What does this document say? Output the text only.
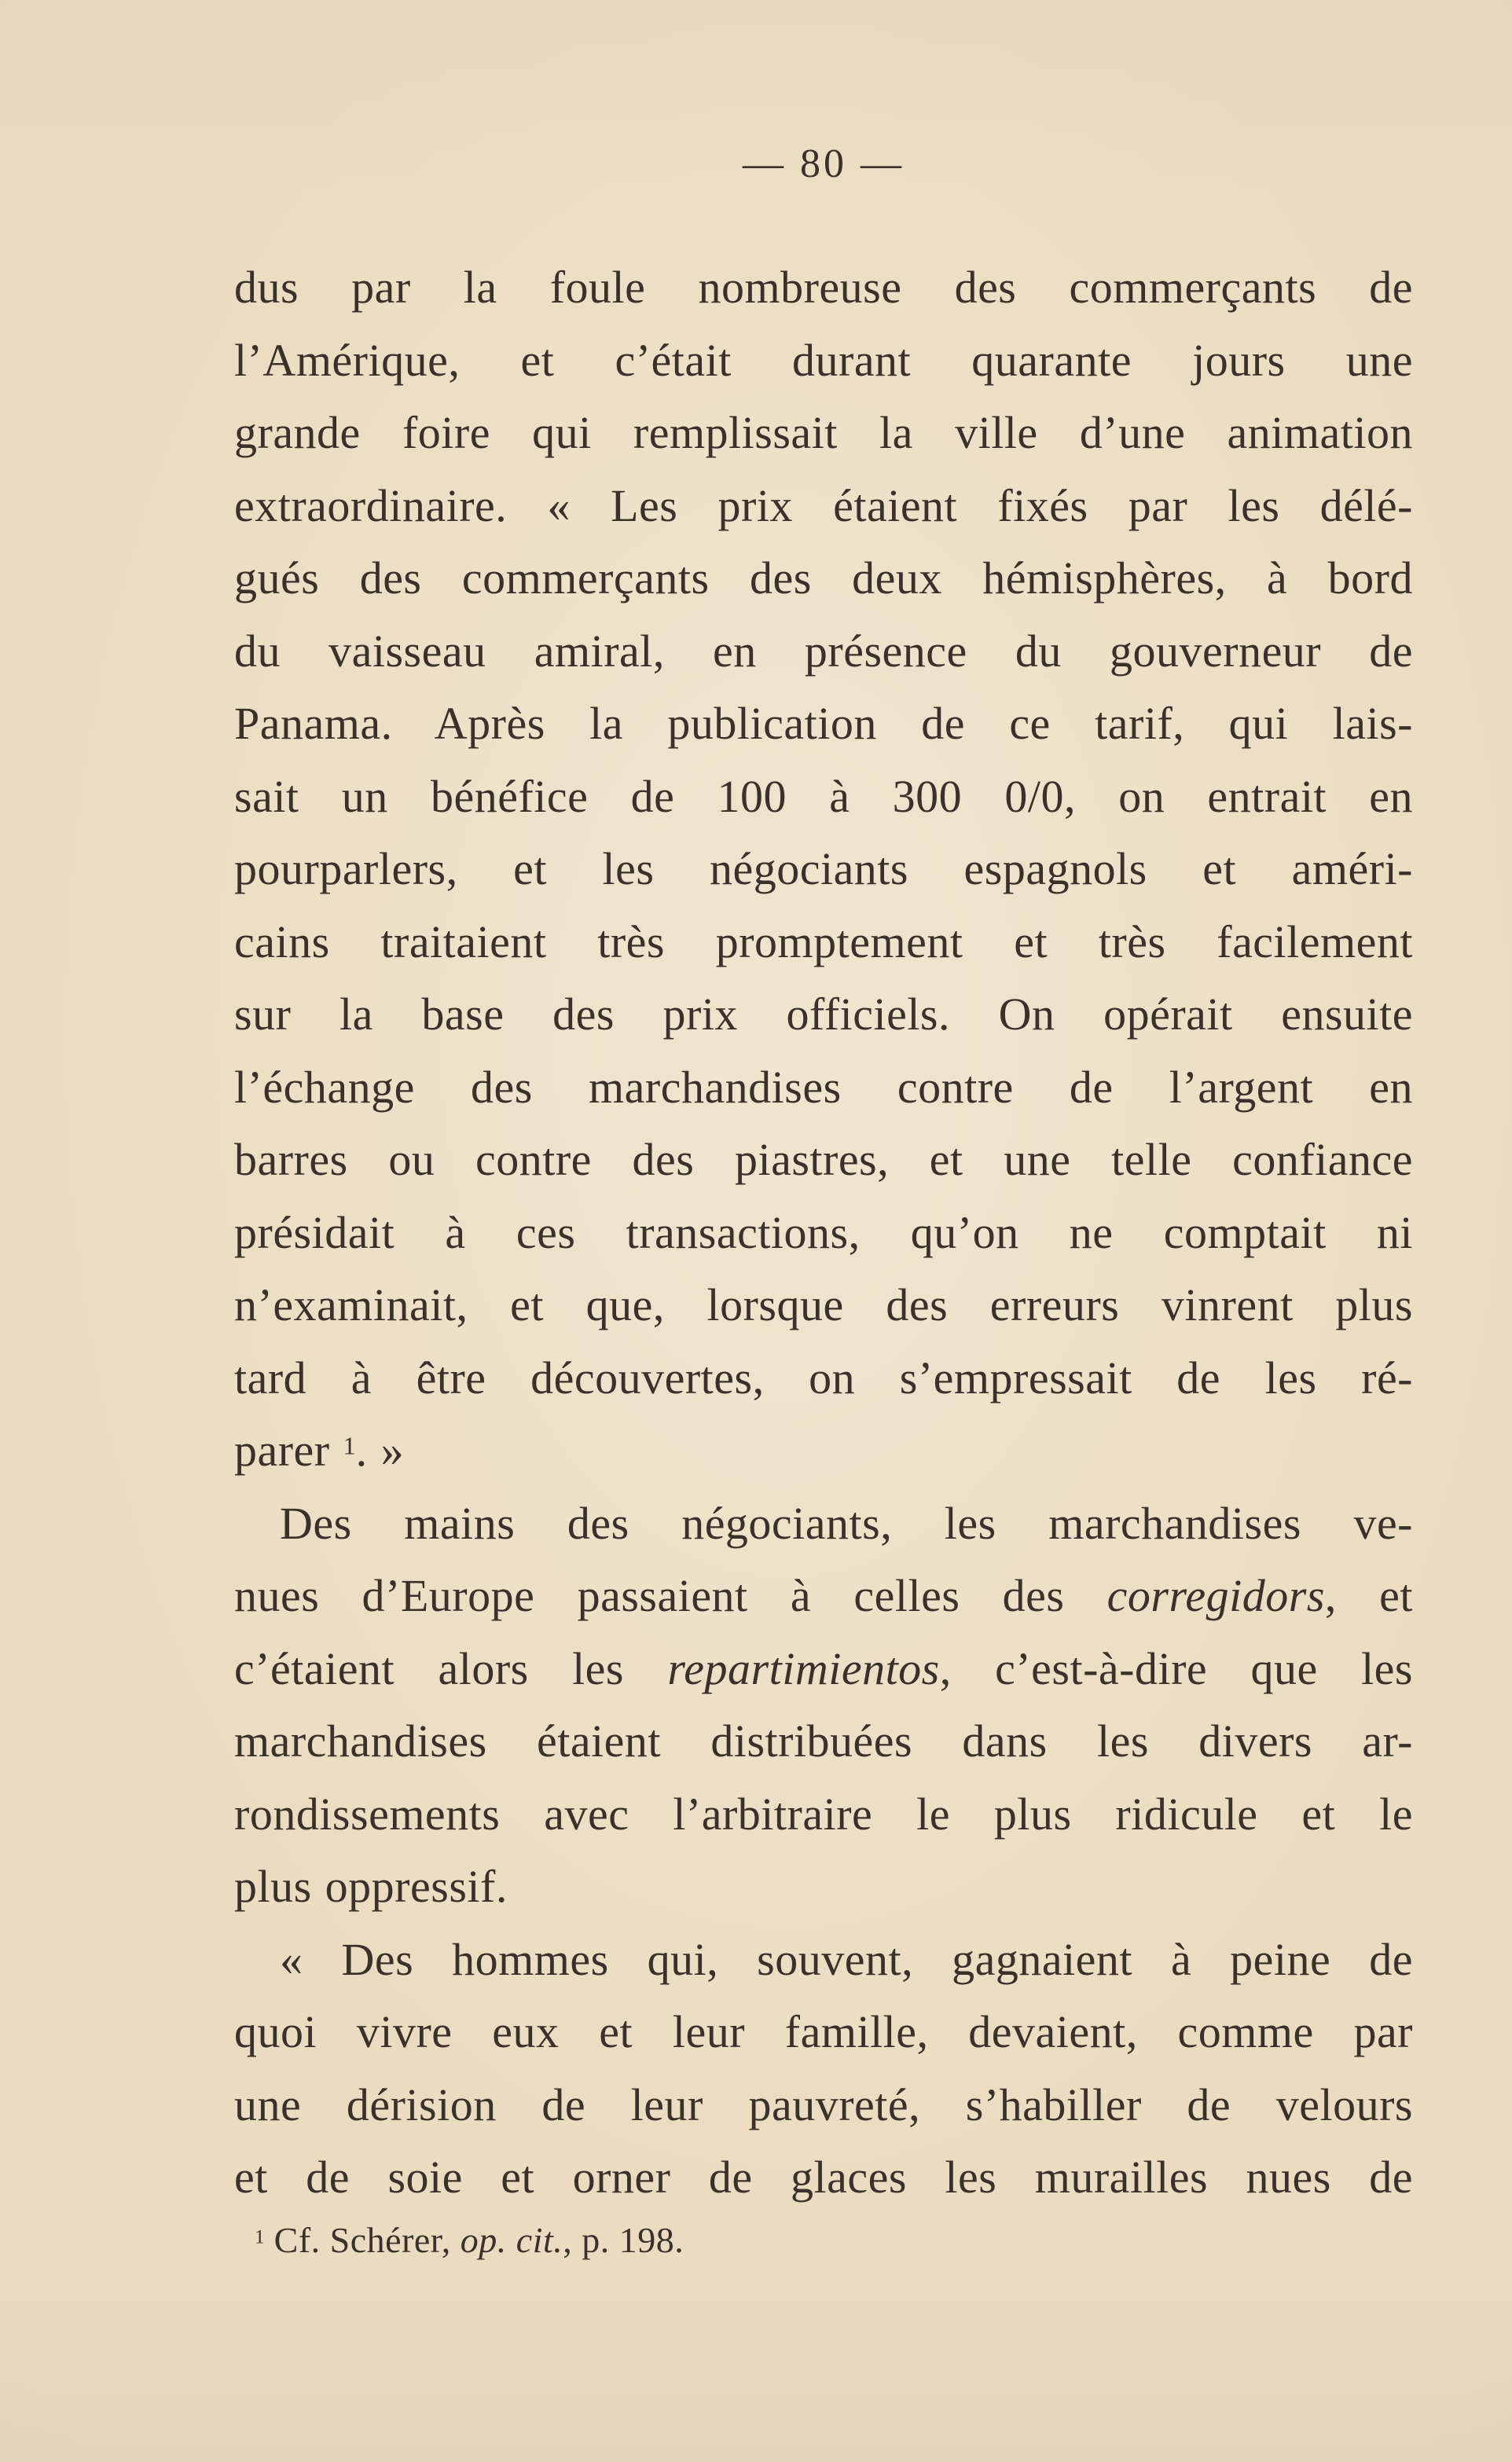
— 80 —
dus par la foule nombreuse des commerçants de
l’Amérique, et c’était durant quarante jours une
grande foire qui remplissait la ville d’une animation
extraordinaire. « Les prix étaient fixés par les délé-
gués des commerçants des deux hémisphères, à bord
du vaisseau amiral, en présence du gouverneur de
Panama. Après la publication de ce tarif, qui lais-
sait un bénéfice de 100 à 300 0/0, on entrait en
pourparlers, et les négociants espagnols et améri-
cains traitaient très promptement et très facilement
sur la base des prix officiels. On opérait ensuite
l’échange des marchandises contre de l’argent en
barres ou contre des piastres, et une telle confiance
présidait à ces transactions, qu’on ne comptait ni
n’examinait, et que, lorsque des erreurs vinrent plus
tard à être découvertes, on s’empressait de les ré-
parer $^1$. »
Des mains des négociants, les marchandises ve-
nues d’Europe passaient à celles des corregidors, et
c’étaient alors les repartimientos, c’est-à-dire que les
marchandises étaient distribuées dans les divers ar-
rondissements avec l’arbitraire le plus ridicule et le
plus oppressif.
« Des hommes qui, souvent, gagnaient à peine de
quoi vivre eux et leur famille, devaient, comme par
une dérision de leur pauvreté, s’habiller de velours
et de soie et orner de glaces les murailles nues de
$^1$ Cf. Schérer, op. cit., p. 198.
